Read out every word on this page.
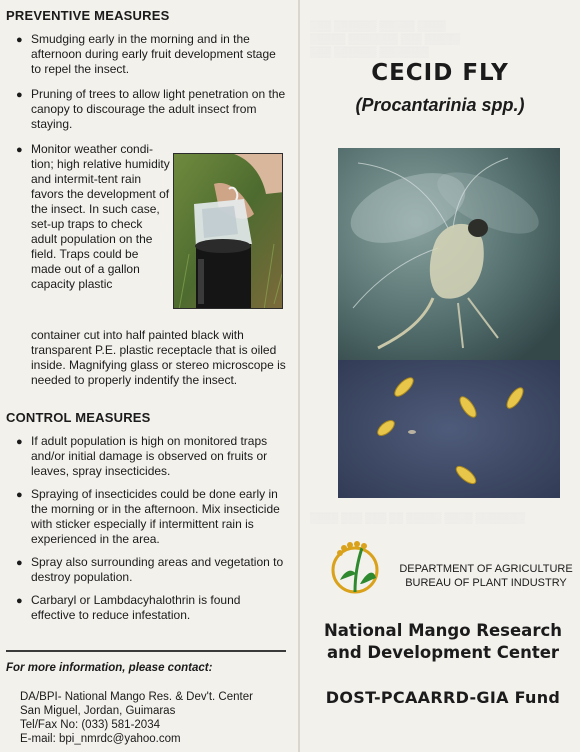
▒▒▒ ▒▒▒▒▒▒ ▒▒▒▒▒ ▒▒▒▒
▒▒▒▒▒ ▒▒▒▒▒▒▒ ▒▒▒ ▒▒▒▒▒
▒▒▒ ▒▒▒▒▒▒ ▒▒▒▒▒▒▒
▒▒▒▒ ▒▒▒ ▒▒▒ ▒▒ ▒▒▒▒▒ ▒▒▒▒ ▒▒▒▒▒▒▒
PREVENTIVE MEASURES
● Smudging early in the morning and in the afternoon during early fruit development stage to repel the insect.
● Pruning of trees to allow light penetration on the canopy to discourage the adult insect from staying.
● Monitor weather condi-tion; high relative humidity and intermit-tent rain favors the development of the insect. In such case, set-up traps to check adult population on the field. Traps could be made out of a gallon capacity plastic
container cut into half painted black with transparent P.E. plastic receptacle that is oiled inside. Magnifying glass or stereo microscope is needed to properly indentify the insect.
CONTROL MEASURES
● If adult population is high on monitored traps and/or initial damage is observed on fruits or leaves, spray insecticides.
● Spraying of insecticides could be done early in the morning or in the afternoon. Mix insecticide with sticker especially if intermittent rain is experienced in the area.
● Spray also surrounding areas and vegetation to destroy population.
● Carbaryl or Lambdacyhalothrin is found effective to reduce infestation.
For more information, please contact:
DA/BPI- National Mango Res. & Dev't. Center
San Miguel, Jordan, Guimaras
Tel/Fax No: (033) 581-2034
E-mail: bpi_nmrdc@yahoo.com
CECID FLY
(Procantarinia spp.)
DEPARTMENT OF AGRICULTURE
BUREAU OF PLANT INDUSTRY
National Mango Research
and Development Center
DOST-PCAARRD-GIA Fund
